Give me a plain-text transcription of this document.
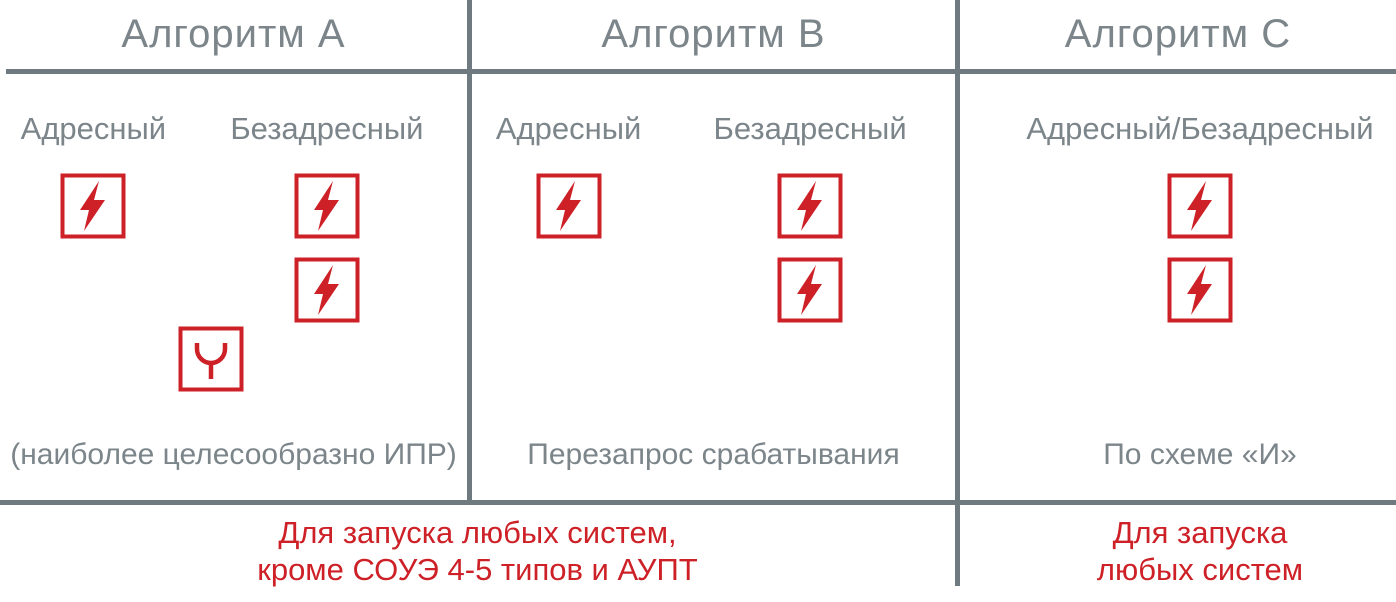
Алгоритм A
Адресный Безадресный
(наиболее целесообразно ИПР)
Алгоритм B
Адресный Безадресный
Перезапрос срабатывания
Алгоритм C
Адресный/Безадресный
По схеме «И»
Для запуска любых систем,
кроме СОУЭ 4-5 типов и АУПТ
Для запуска
любых систем
